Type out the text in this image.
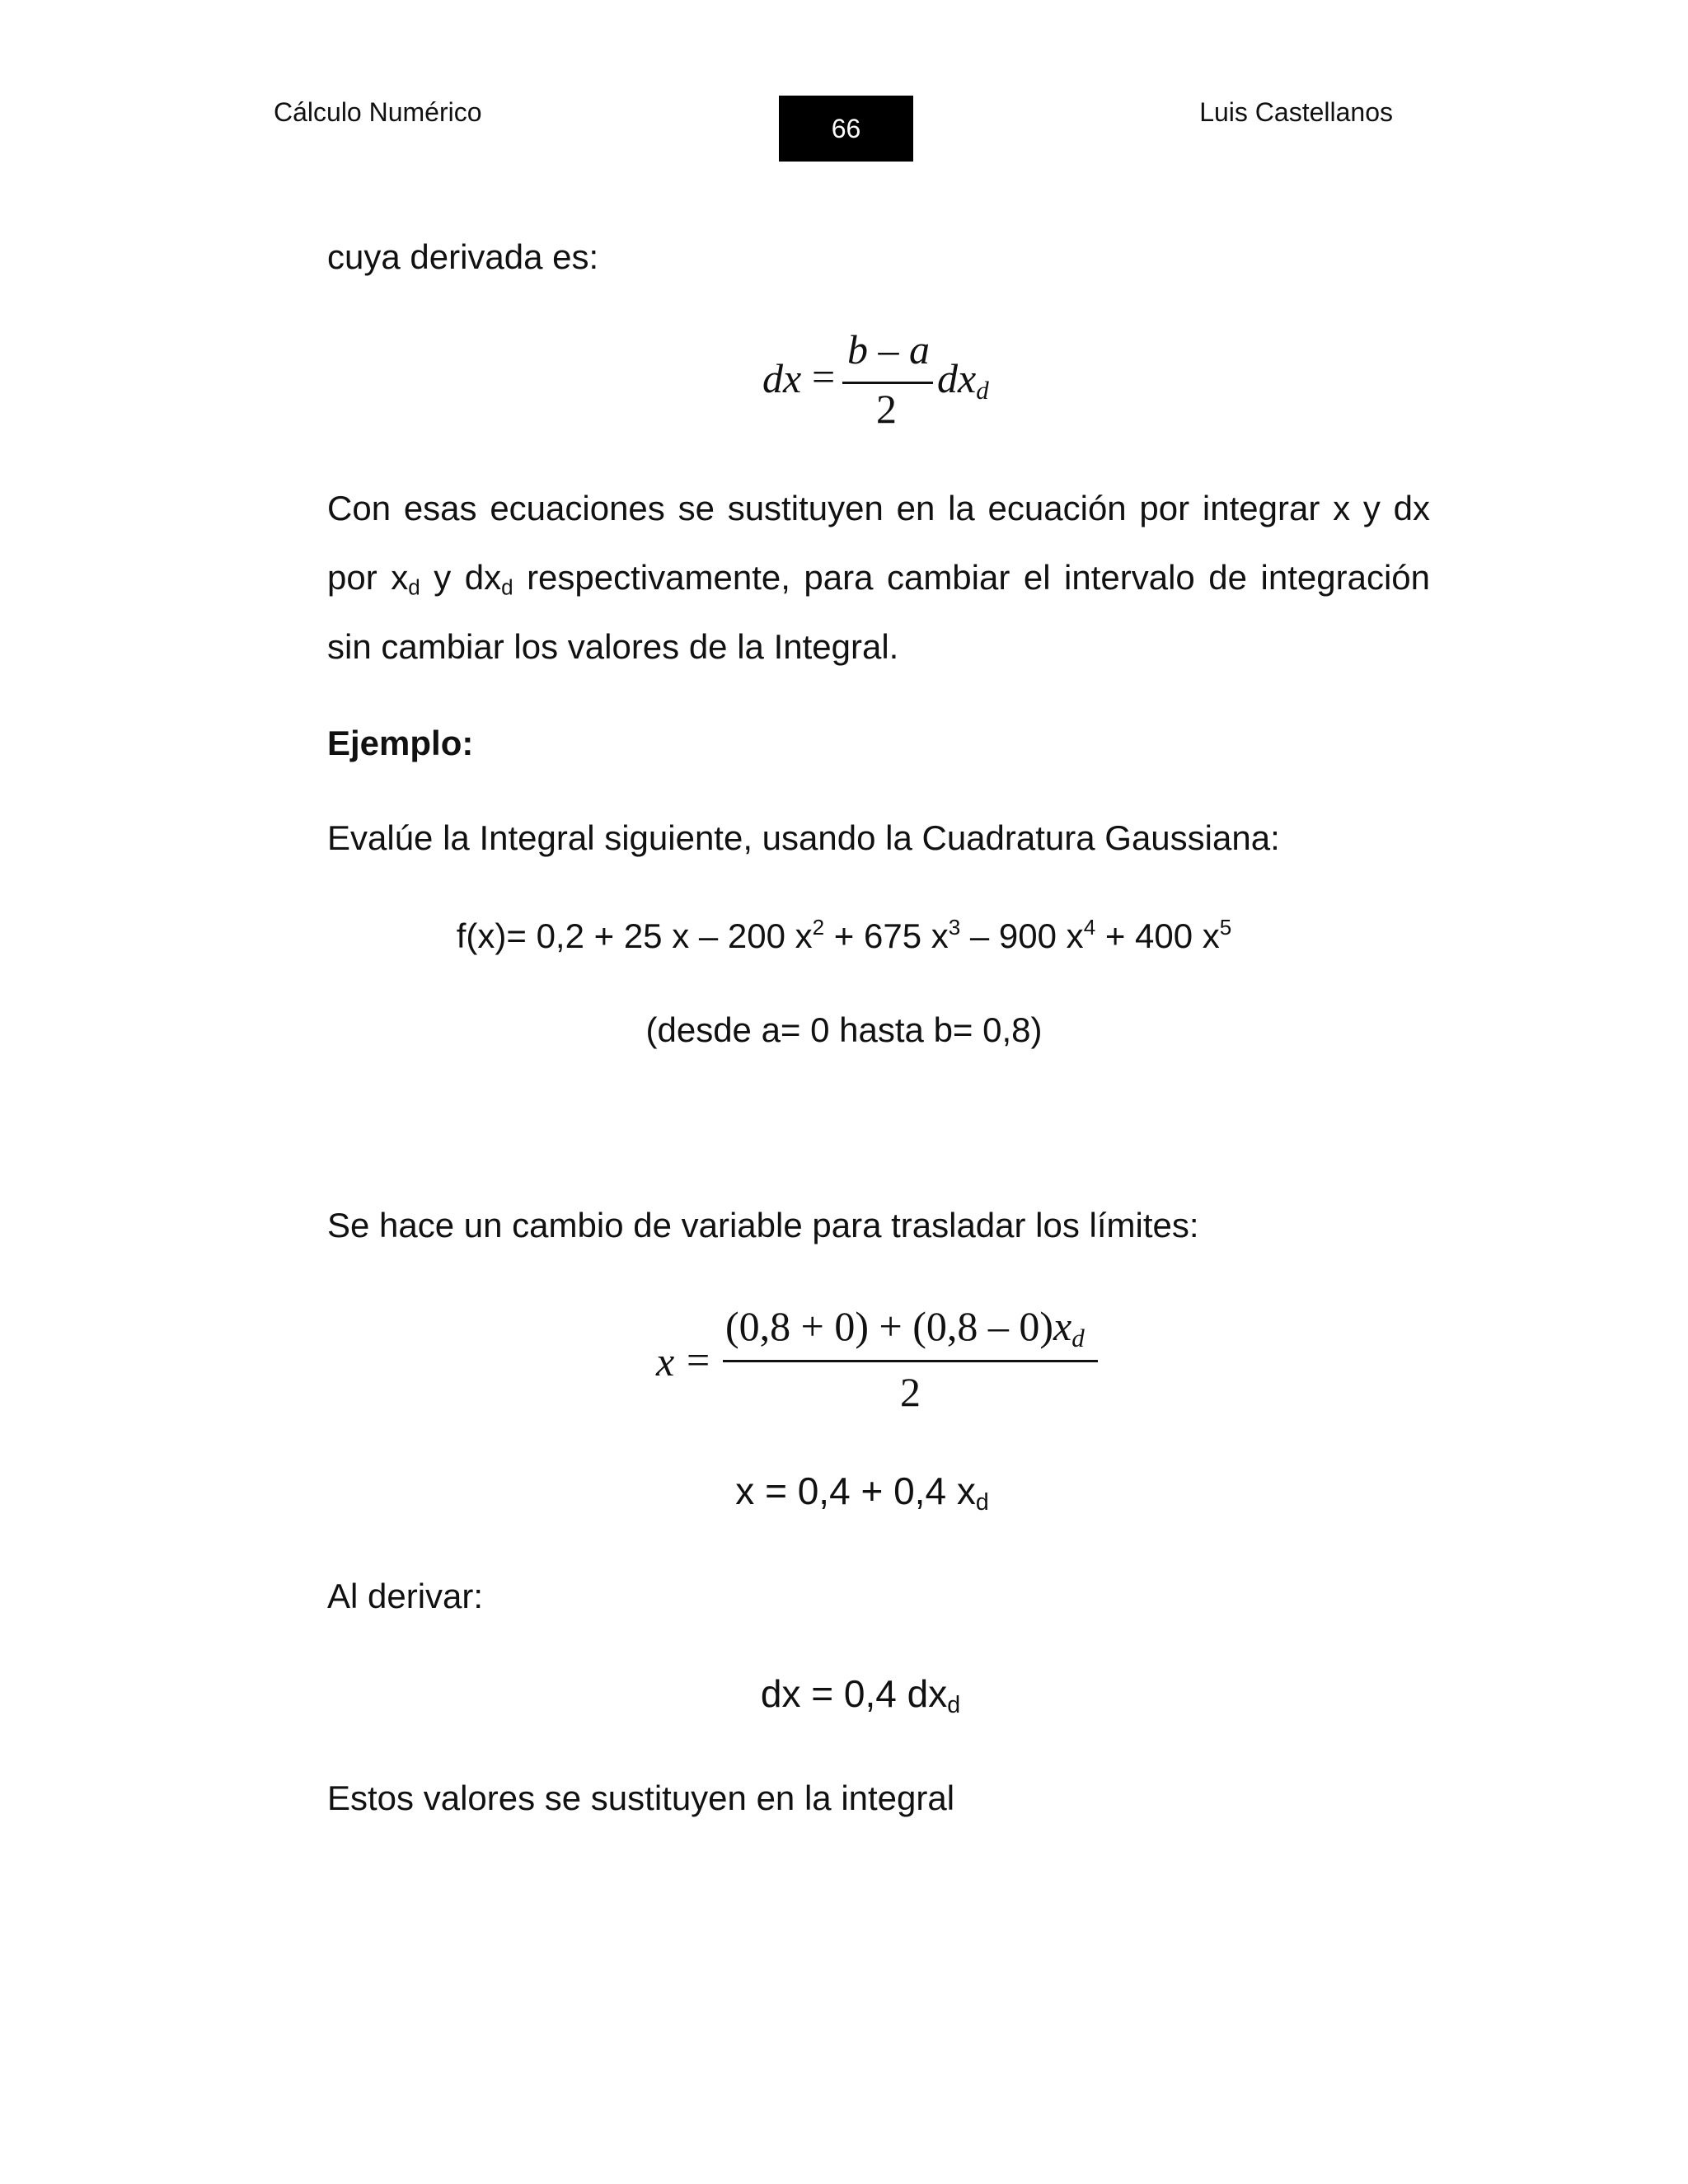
Cálculo Numérico
66
Luis Castellanos
cuya derivada es:
dx =
b – a
2
$dx_d$
Con esas ecuaciones se sustituyen en la ecuación por integrar x y dx
por $x_d$ y $dx_d$ respectivamente, para cambiar el intervalo de integración
sin cambiar los valores de la Integral.
Ejemplo:
Evalúe la Integral siguiente, usando la Cuadratura Gaussiana:
f(x)= 0,2 + 25 x – 200 $x^2 + 675$ $x^3 - 900$ $x^4 + 400$ $x^5$
(desde a= 0 hasta b= 0,8)
Se hace un cambio de variable para trasladar los límites:
x =
$(0,8 + 0) + (0,8 - 0)x_d$
2
x = 0,4 + 0,4 $x_d$
Al derivar:
dx = 0,4 $dx_d$
Estos valores se sustituyen en la integral
